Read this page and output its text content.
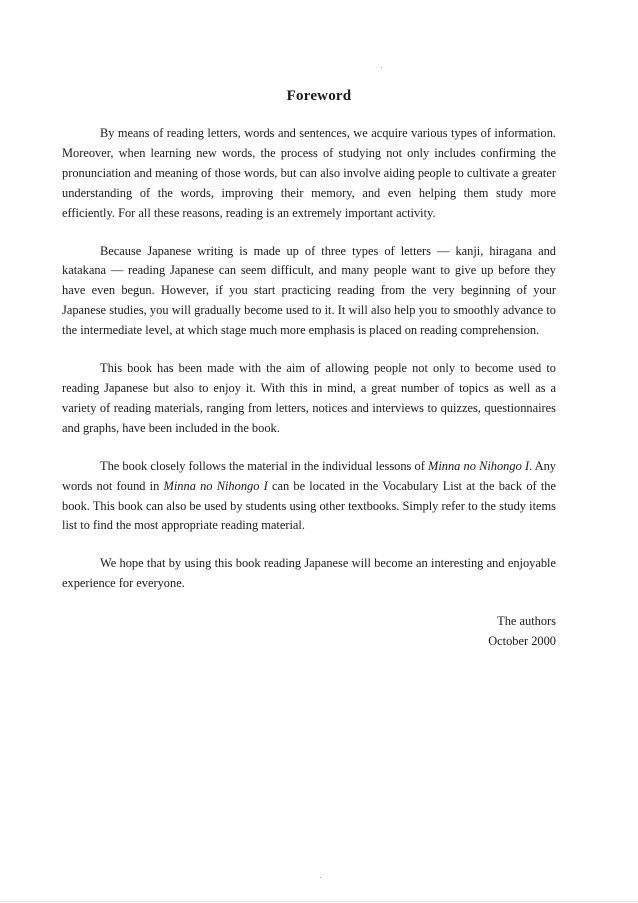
Foreword

By means of reading letters, words and sentences, we acquire various types of information. Moreover, when learning new words, the process of studying not only includes confirming the pronunciation and meaning of those words, but can also involve aiding people to cultivate a greater understanding of the words, improving their memory, and even helping them study more efficiently. For all these reasons, reading is an extremely important activity.

Because Japanese writing is made up of three types of letters — kanji, hiragana and katakana — reading Japanese can seem difficult, and many people want to give up before they have even begun. However, if you start practicing reading from the very beginning of your Japanese studies, you will gradually become used to it. It will also help you to smoothly advance to the intermediate level, at which stage much more emphasis is placed on reading comprehension.

This book has been made with the aim of allowing people not only to become used to reading Japanese but also to enjoy it. With this in mind, a great number of topics as well as a variety of reading materials, ranging from letters, notices and interviews to quizzes, questionnaires and graphs, have been included in the book.

The book closely follows the material in the individual lessons of Minna no Nihongo I. Any words not found in Minna no Nihongo I can be located in the Vocabulary List at the back of the book. This book can also be used by students using other textbooks. Simply refer to the study items list to find the most appropriate reading material.

We hope that by using this book reading Japanese will become an interesting and enjoyable experience for everyone.

The authors
October 2000
